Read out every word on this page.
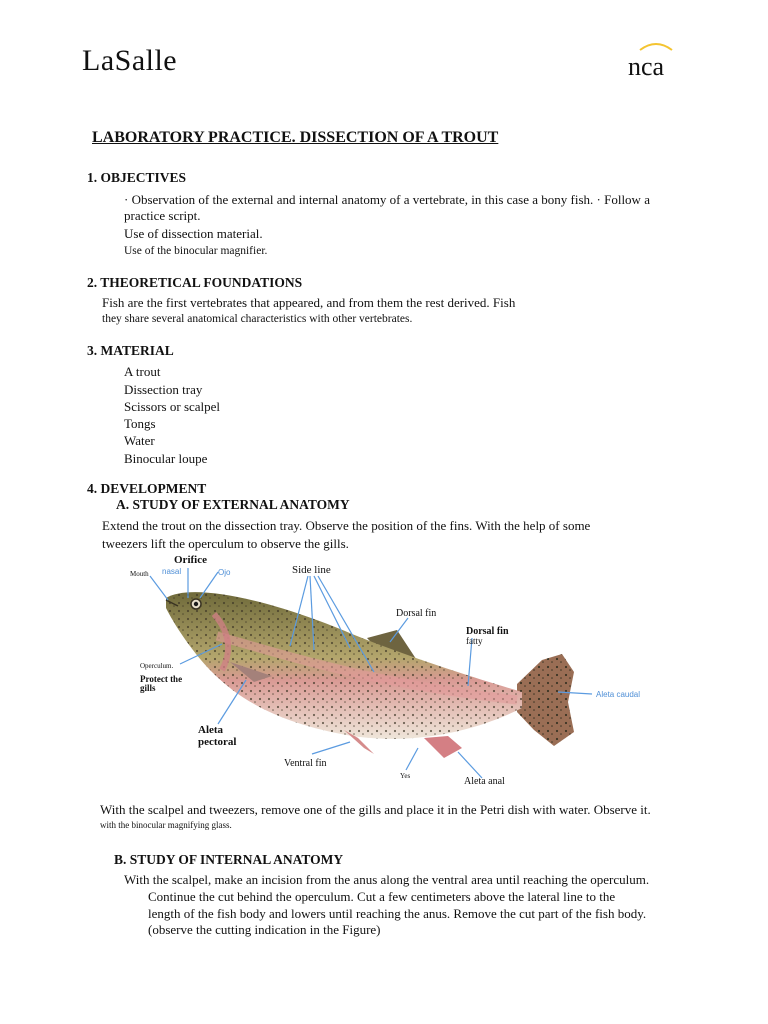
LaSalle	nca
LABORATORY PRACTICE. DISSECTION OF A TROUT
1. OBJECTIVES
· Observation of the external and internal anatomy of a vertebrate, in this case a bony fish. · Follow a
practice script.
Use of dissection material.
Use of the binocular magnifier.
2. THEORETICAL FOUNDATIONS
Fish are the first vertebrates that appeared, and from them the rest derived. Fish
they share several anatomical characteristics with other vertebrates.
3. MATERIAL
A trout
Dissection tray
Scissors or scalpel
Tongs
Water
Binocular loupe
4. DEVELOPMENT
A. STUDY OF EXTERNAL ANATOMY
Extend the trout on the dissection tray. Observe the position of the fins. With the help of some
tweezers lift the operculum to observe the gills.
Orifice
Mouth nasal	Ojo	Side line
Dorsal fin
Dorsal fin
fatty
Operculum.
Protect the
gills
Aleta caudal
Aleta
pectoral
Ventral fin
Yes	Aleta anal
With the scalpel and tweezers, remove one of the gills and place it in the Petri dish with water. Observe it.
with the binocular magnifying glass.
B. STUDY OF INTERNAL ANATOMY
With the scalpel, make an incision from the anus along the ventral area until reaching the operculum.
Continue the cut behind the operculum. Cut a few centimeters above the lateral line to the
length of the fish body and lowers until reaching the anus. Remove the cut part of the fish body.
(observe the cutting indication in the Figure)
